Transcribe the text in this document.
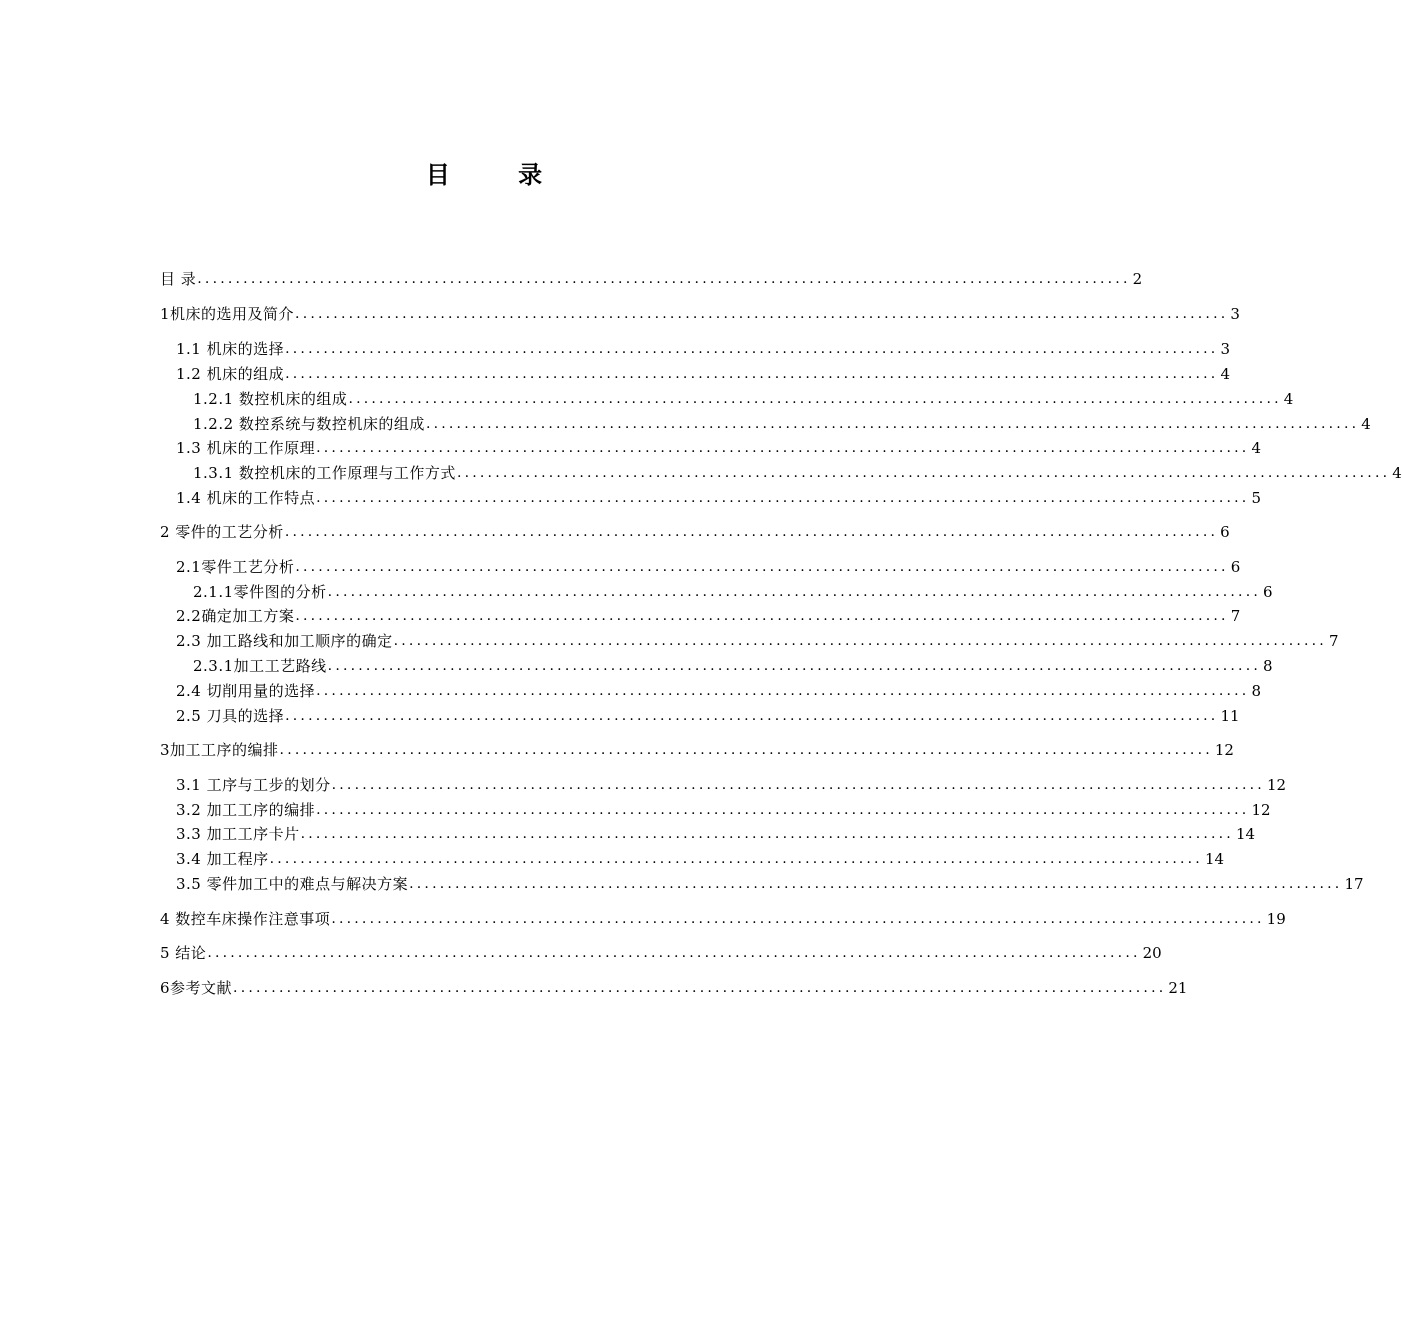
目 录
目 录 .......................................................................................................................... 2
1机床的选用及简介 .......................................................................................................................... 3
1.1 机床的选择 .......................................................................................................................... 3
1.2 机床的组成 .......................................................................................................................... 4
1.2.1 数控机床的组成 .......................................................................................................................... 4
1.2.2 数控系统与数控机床的组成 .......................................................................................................................... 4
1.3 机床的工作原理 .......................................................................................................................... 4
1.3.1 数控机床的工作原理与工作方式 .......................................................................................................................... 4
1.4 机床的工作特点 .......................................................................................................................... 5
2 零件的工艺分析 .......................................................................................................................... 6
2.1零件工艺分析 .......................................................................................................................... 6
2.1.1零件图的分析 .......................................................................................................................... 6
2.2确定加工方案 .......................................................................................................................... 7
2.3 加工路线和加工顺序的确定 .......................................................................................................................... 7
2.3.1加工工艺路线 .......................................................................................................................... 8
2.4 切削用量的选择 .......................................................................................................................... 8
2.5 刀具的选择 .......................................................................................................................... 11
3加工工序的编排 .......................................................................................................................... 12
3.1 工序与工步的划分 .......................................................................................................................... 12
3.2 加工工序的编排 .......................................................................................................................... 12
3.3 加工工序卡片 .......................................................................................................................... 14
3.4 加工程序 .......................................................................................................................... 14
3.5 零件加工中的难点与解决方案 .......................................................................................................................... 17
4 数控车床操作注意事项 .......................................................................................................................... 19
5 结论 .......................................................................................................................... 20
6参考文献 .......................................................................................................................... 21
